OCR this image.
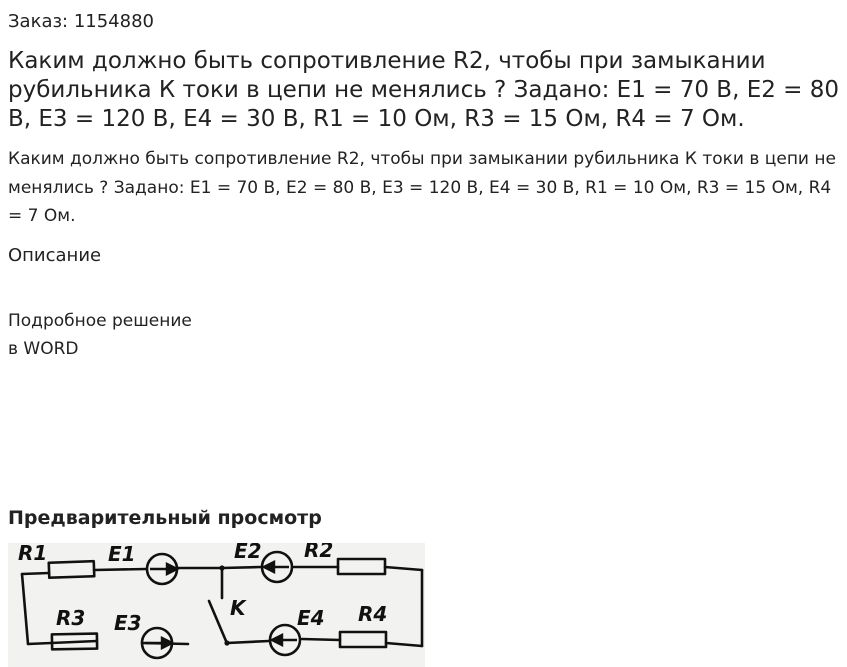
Заказ: 1154880
Каким должно быть сопротивление R2, чтобы при замыкании рубильника К токи в цепи не менялись ? Задано: E1 = 70 В, E2 = 80 В, E3 = 120 В, E4 = 30 В, R1 = 10 Ом, R3 = 15 Ом, R4 = 7 Ом.
Каким должно быть сопротивление R2, чтобы при замыкании рубильника К токи в цепи не менялись ? Задано: E1 = 70 В, E2 = 80 В, E3 = 120 В, E4 = 30 В, R1 = 10 Ом, R3 = 15 Ом, R4 = 7 Ом.
Описание
Подробное решение
в WORD
Предварительный просмотр
R1	E1	E2 R2
K
R3 E3	E4 R4
